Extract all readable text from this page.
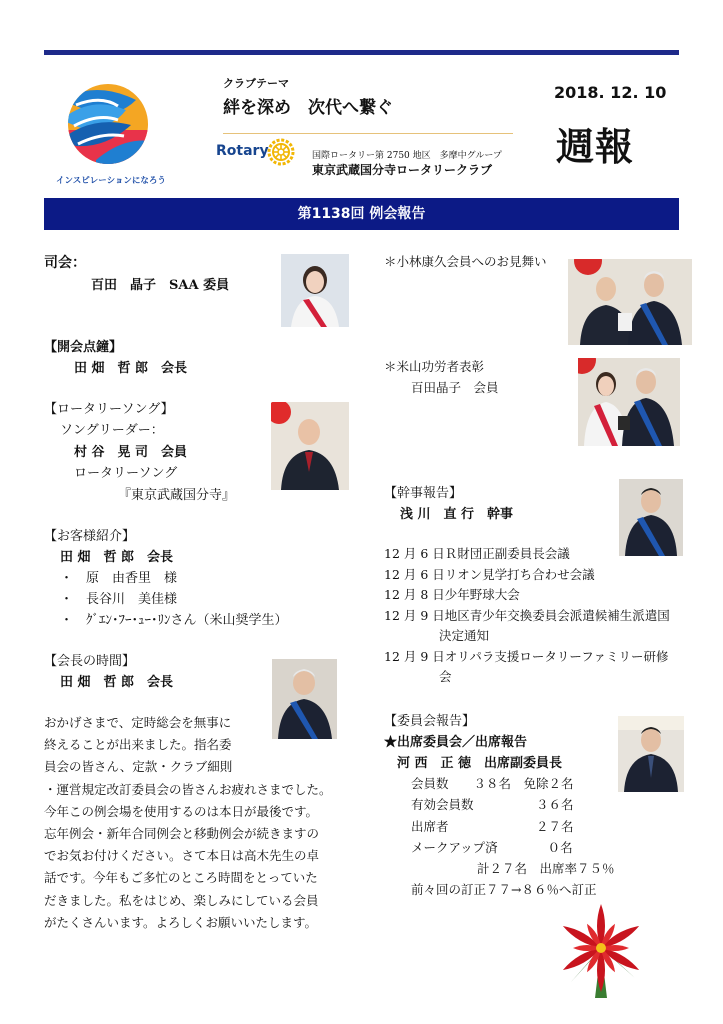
インスピレーションになろう
クラブテーマ
絆を深め　次代へ繋ぐ
Rotary	国際ロータリー第 2750 地区　多摩中グループ
東京武蔵国分寺ロータリークラブ
2018. 12. 10
週報
第1138回 例会報告
司会：
百田　晶子　SAA 委員
【開会点鐘】
田 畑　哲 郎　会長
【ロータリーソング】
ソングリーダー：
村 谷　晃 司　会員
ロータリーソング
『東京武蔵国分寺』
【お客様紹介】
田 畑　哲 郎　会長
・　原　由香里　様
・　長谷川　美佳様
・　ｸﾞｴﾝ･ﾌｰ･ｭｰ･ﾘﾝさん（米山奨学生）
【会長の時間】
田 畑　哲 郎　会長
おかげさまで、定時総会を無事に
終えることが出来ました。指名委
員会の皆さん、定款・クラブ細則
・運営規定改訂委員会の皆さんお疲れさまでした。
今年この例会場を使用するのは本日が最後です。
忘年例会・新年合同例会と移動例会が続きますの
でお気お付けください。さて本日は高木先生の卓
話です。今年もご多忙のところ時間をとっていた
だきました。私をはじめ、楽しみにしている会員
がたくさんいます。よろしくお願いいたします。
＊小林康久会員へのお見舞い
＊米山功労者表彰
百田晶子　会員
【幹事報告】
浅 川　直 行　幹事
12 月 6 日Ｒ財団正副委員長会議
12 月 6 日リオン見学打ち合わせ会議
12 月 8 日少年野球大会
12 月 9 日地区青少年交換委員会派遣候補生派遣国
決定通知
12 月 9 日オリパラ支援ロータリーファミリー研修
会
【委員会報告】
★出席委員会／出席報告
河 西　正 徳　出席副委員長
会員数　　３８名　免除２名
有効会員数　　　　　３６名
出席者　　　　　　　２７名
メークアップ済　　　　０名
計２７名　出席率７５％
前々回の訂正７７→８６％へ訂正
